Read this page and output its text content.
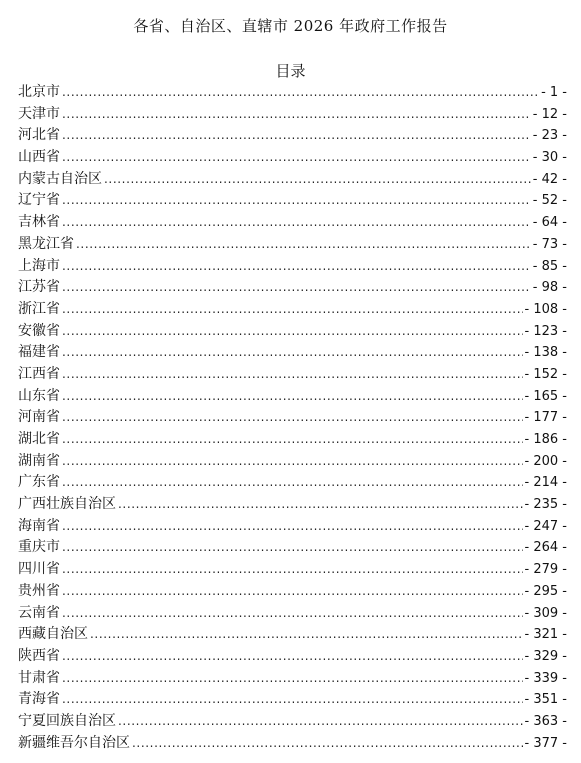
各省、自治区、直辖市 2026 年政府工作报告
目录
北京市 .....	- 1 -
天津市 .....	- 12 -
河北省 .....	- 23 -
山西省 .....	- 30 -
内蒙古自治区 .....	- 42 -
辽宁省 .....	- 52 -
吉林省 .....	- 64 -
黑龙江省 .....	- 73 -
上海市 .....	- 85 -
江苏省 .....	- 98 -
浙江省 .....	- 108 -
安徽省 .....	- 123 -
福建省 .....	- 138 -
江西省 .....	- 152 -
山东省 .....	- 165 -
河南省 .....	- 177 -
湖北省 .....	- 186 -
湖南省 .....	- 200 -
广东省 .....	- 214 -
广西壮族自治区 .....	- 235 -
海南省 .....	- 247 -
重庆市 .....	- 264 -
四川省 .....	- 279 -
贵州省 .....	- 295 -
云南省 .....	- 309 -
西藏自治区 .....	- 321 -
陕西省 .....	- 329 -
甘肃省 .....	- 339 -
青海省 .....	- 351 -
宁夏回族自治区 .....	- 363 -
新疆维吾尔自治区 .....	- 377 -
